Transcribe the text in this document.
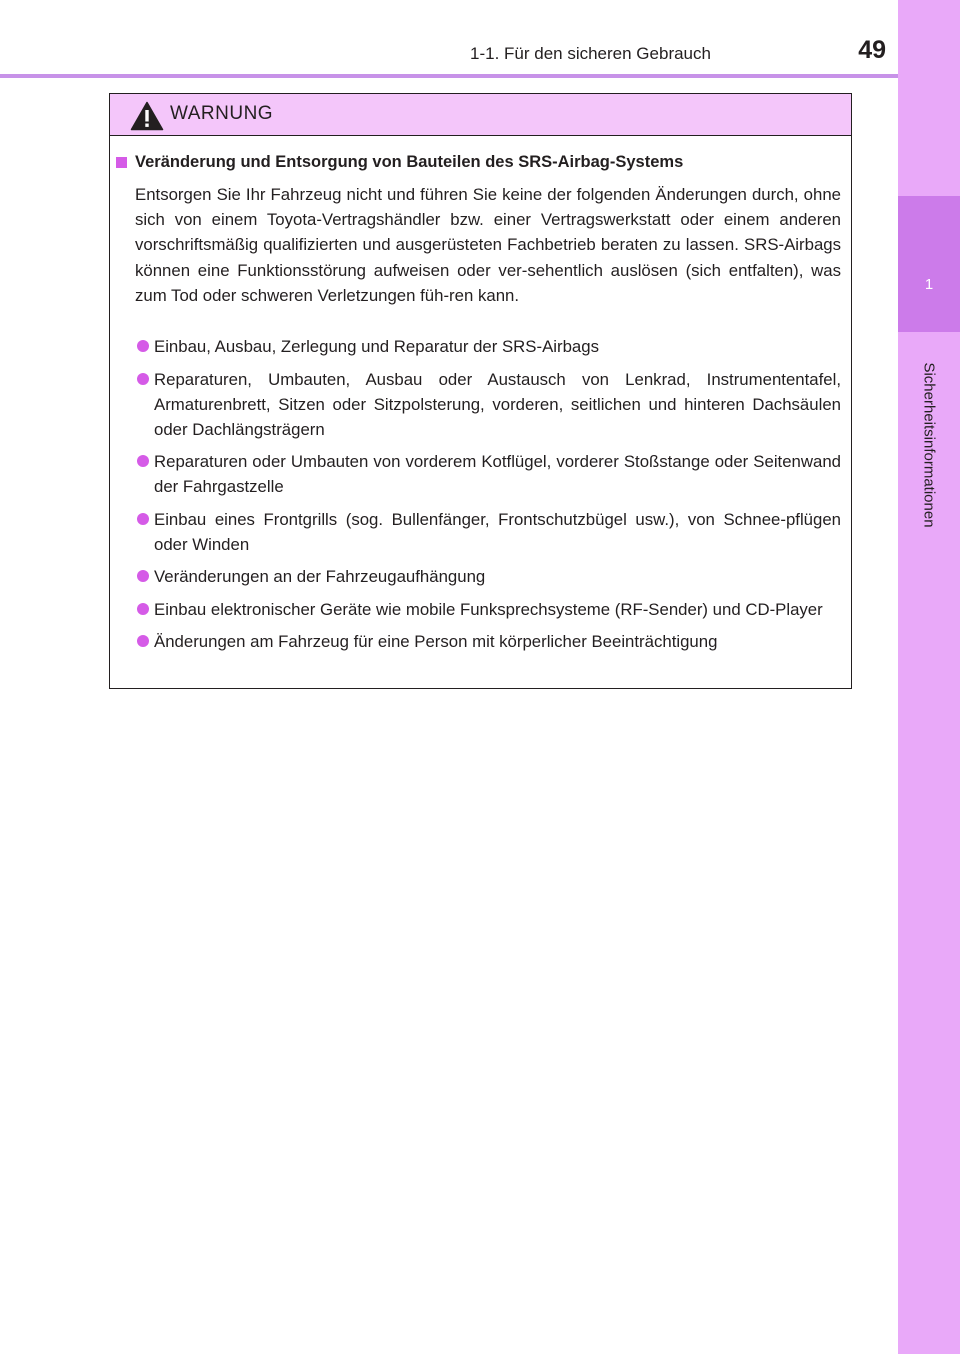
1-1. Für den sicheren Gebrauch	49
1
Sicherheitsinformationen
WARNUNG
Veränderung und Entsorgung von Bauteilen des SRS-Airbag-Systems
Entsorgen Sie Ihr Fahrzeug nicht und führen Sie keine der folgenden Änderungen durch, ohne sich von einem Toyota-Vertragshändler bzw. einer Vertragswerkstatt oder einem anderen vorschriftsmäßig qualifizierten und ausgerüsteten Fachbetrieb beraten zu lassen. SRS-Airbags können eine Funktionsstörung aufweisen oder ver-sehentlich auslösen (sich entfalten), was zum Tod oder schweren Verletzungen füh-ren kann.
Einbau, Ausbau, Zerlegung und Reparatur der SRS-Airbags
Reparaturen, Umbauten, Ausbau oder Austausch von Lenkrad, Instrumententafel, Armaturenbrett, Sitzen oder Sitzpolsterung, vorderen, seitlichen und hinteren Dachsäulen oder Dachlängsträgern
Reparaturen oder Umbauten von vorderem Kotflügel, vorderer Stoßstange oder Seitenwand der Fahrgastzelle
Einbau eines Frontgrills (sog. Bullenfänger, Frontschutzbügel usw.), von Schnee-pflügen oder Winden
Veränderungen an der Fahrzeugaufhängung
Einbau elektronischer Geräte wie mobile Funksprechsysteme (RF-Sender) und CD-Player
Änderungen am Fahrzeug für eine Person mit körperlicher Beeinträchtigung
